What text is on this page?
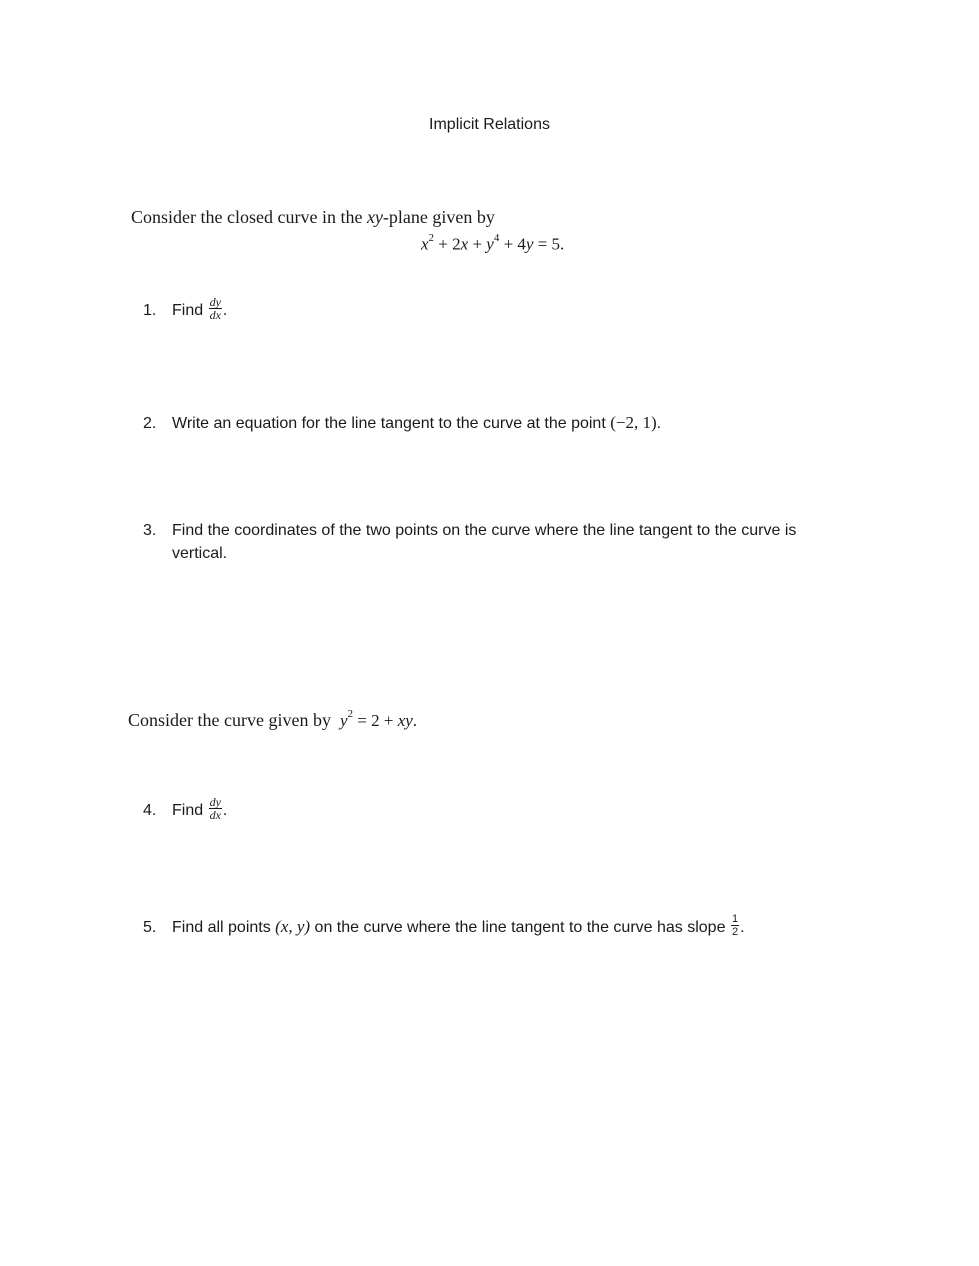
Implicit Relations
Consider the closed curve in the xy-plane given by
$x^2 + 2x + y^4 + 4y = 5$.
1. Find $\frac{dy}{dx}$ .
2. Write an equation for the line tangent to the curve at the point (−2, 1).
3. Find the coordinates of the two points on the curve where the line tangent to the curve is vertical.
Consider the curve given by $y^2 = 2$ + xy.
4. Find $\frac{dy}{dx}$ .
5. Find all points (x, y) on the curve where the line tangent to the curve has slope $\frac{1}{2}$ .
